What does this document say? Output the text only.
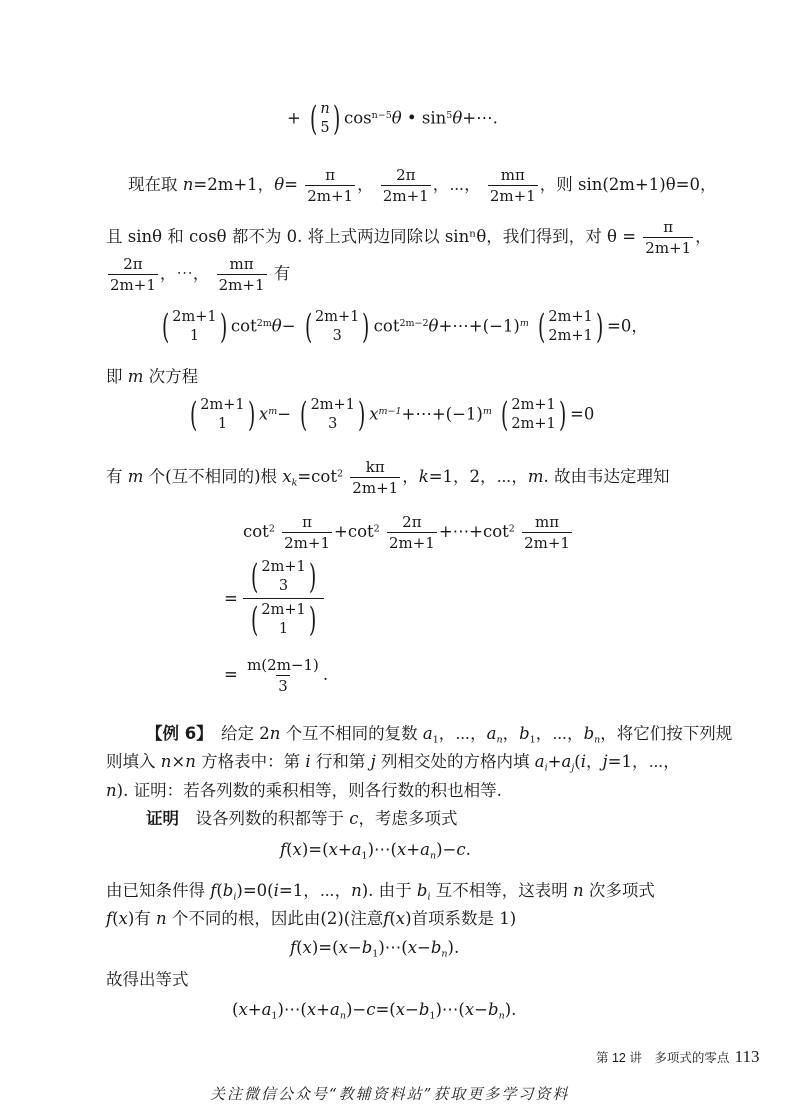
+ ( n
5 ) $\cos^{n-5}\theta$ • $\sin^5\theta+\cdots$.
现在取 n=2m+1，$\theta= \frac{\pi}{2m+1}$ ， $\frac{2\pi}{2m+1}$ ，⋯， $\frac{m\pi}{2m+1}$ ，则 sin(2m+1)θ=0，
且 sinθ 和 cosθ 都不为 0. 将上式两边同除以 sinⁿθ，我们得到，对 $\theta = \frac{\pi}{2m+1}$ ，
$\frac{2\pi}{2m+1}$ ，⋯， $\frac{m\pi}{2m+1}$ 有
( 2m+1
1 ) $\cot^{2m}\theta-$ ( 2m+1
3 ) $\cot^{2m-2}\theta+\cdots+(-1)^m$ ( 2m+1
2m+1 ) =0，
即 m 次方程
( 2m+1
1 ) $x^m-$ ( 2m+1
3 ) $x^{m-1}+\cdots+(-1)^m$ ( 2m+1
2m+1 ) =0
有 m 个(互不相同的)根 $x_k=\cot^2 \frac{k\pi}{2m+1}$ ，k=1，2，⋯，m. 故由韦达定理知
$\cot^2 \frac{\pi}{2m+1} +\cot^2 \frac{2\pi}{2m+1}$ $+\cdots+\cot^2 \frac{m\pi}{2m+1}$
= ( 2m+1
3 )
( 2m+1
1 )
= $\frac{m(2m-1)}{3}$ .
【例 6】　给定 2n 个互不相同的复数 $a_1$，⋯，$a_n$，$b_1$，⋯，$b_n$，将它们按下列规
则填入 n×n 方格表中：第 i 行和第 j 列相交处的方格内填 $a_i+a_j(i$，j=1，⋯，
n). 证明：若各列数的乘积相等，则各行数的积也相等.
证明　设各列数的积都等于 c，考虑多项式
$f(x)=(x+a_1)\cdots(x+a_n)-c$.
由已知条件得 $f(b_i)=0(i=1$，⋯，n). 由于 $b_i$ 互不相等，这表明 n 次多项式
f(x)有 n 个不同的根，因此由(2)(注意f(x)首项系数是 1)
$f(x)=(x-b_1)\cdots(x-b_n)$.
故得出等式
$(x+a_1)\cdots(x+a_n)-c=(x-b_1)\cdots(x-b_n)$.
第 12 讲　多项式的零点 113
关注微信公众号“教辅资料站”获取更多学习资料
